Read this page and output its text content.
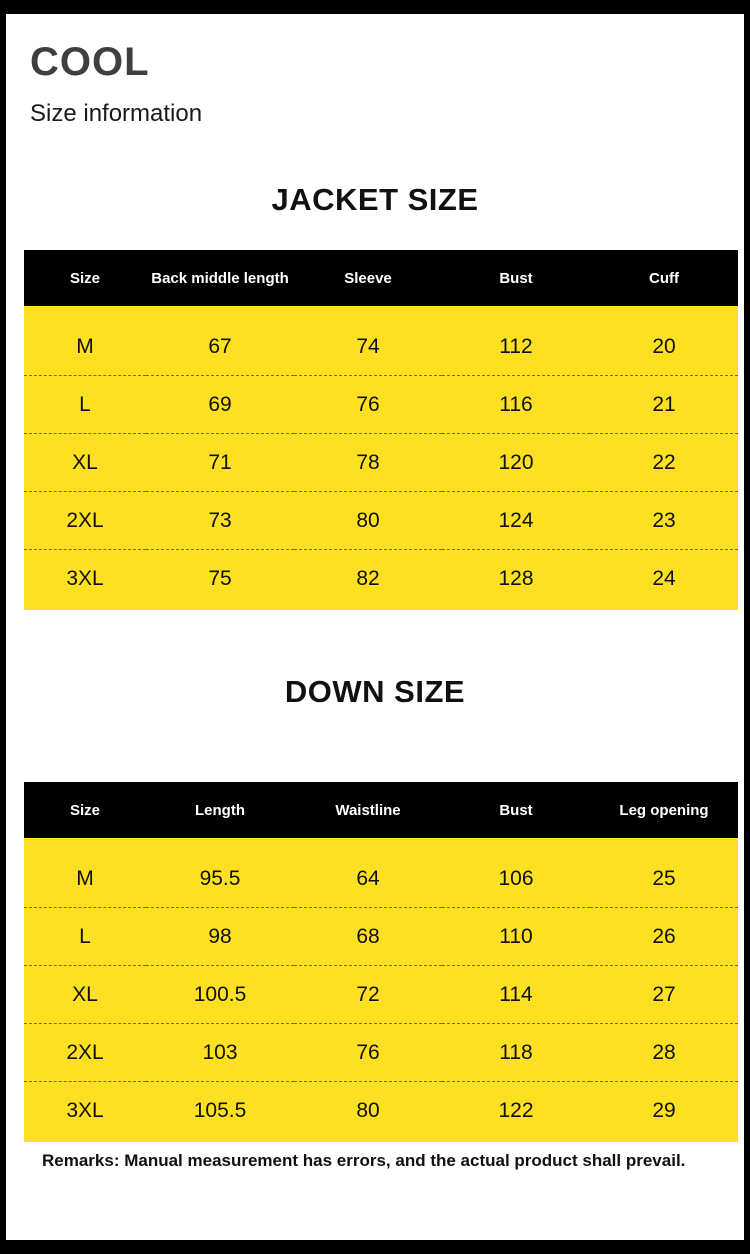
COOL
Size information
JACKET SIZE
Size	Back middle length	Sleeve	Bust	Cuff

M	67	74	112	20
L	69	76	116	21
XL	71	78	120	22
2XL	73	80	124	23
3XL	75	82	128	24
DOWN SIZE
Size	Length	Waistline	Bust	Leg opening

M	95.5	64	106	25
L	98	68	110	26
XL	100.5	72	114	27
2XL	103	76	118	28
3XL	105.5	80	122	29
Remarks: Manual measurement has errors, and the actual product shall prevail.
